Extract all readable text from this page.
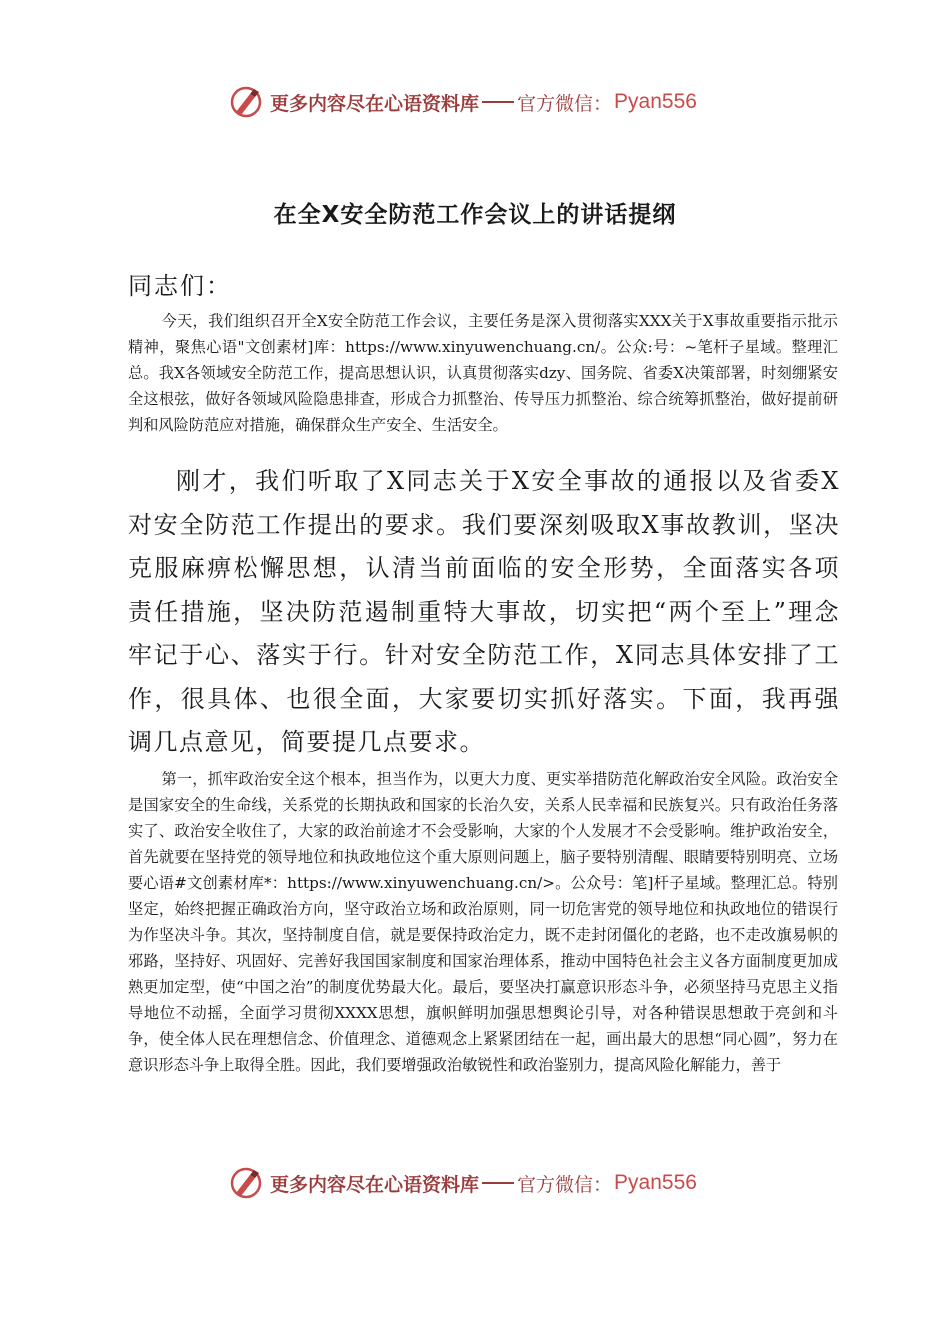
更多内容尽在心语资料库 官方微信： Pyan556
在全X安全防范工作会议上的讲话提纲
同志们：

今天，我们组织召开全X安全防范工作会议，主要任务是深入贯彻落实XXX关于X事故重要指示批示精神，聚焦心语"文创素材]库：https://www.xinyuwenchuang.cn/。公众:号：~笔杆子星域。整理汇总。我X各领域安全防范工作，提高思想认识，认真贯彻落实dzy、国务院、省委X决策部署，时刻绷紧安全这根弦，做好各领域风险隐患排查，形成合力抓整治、传导压力抓整治、综合统筹抓整治，做好提前研判和风险防范应对措施，确保群众生产安全、生活安全。

刚才，我们听取了X同志关于X安全事故的通报以及省委X对安全防范工作提出的要求。我们要深刻吸取X事故教训，坚决克服麻痹松懈思想，认清当前面临的安全形势，全面落实各项责任措施，坚决防范遏制重特大事故，切实把“两个至上”理念牢记于心、落实于行。针对安全防范工作，X同志具体安排了工作，很具体、也很全面，大家要切实抓好落实。下面，我再强调几点意见，简要提几点要求。

第一，抓牢政治安全这个根本，担当作为，以更大力度、更实举措防范化解政治安全风险。政治安全是国家安全的生命线，关系党的长期执政和国家的长治久安，关系人民幸福和民族复兴。只有政治任务落实了、政治安全收住了，大家的政治前途才不会受影响，大家的个人发展才不会受影响。维护政治安全，首先就要在坚持党的领导地位和执政地位这个重大原则问题上，脑子要特别清醒、眼睛要特别明亮、立场要心语#文创素材库*：https://www.xinyuwenchuang.cn/>。公众号：笔]杆子星域。整理汇总。特别坚定，始终把握正确政治方向，坚守政治立场和政治原则，同一切危害党的领导地位和执政地位的错误行为作坚决斗争。其次，坚持制度自信，就是要保持政治定力，既不走封闭僵化的老路，也不走改旗易帜的邪路，坚持好、巩固好、完善好我国国家制度和国家治理体系，推动中国特色社会主义各方面制度更加成熟更加定型，使“中国之治”的制度优势最大化。最后，要坚决打赢意识形态斗争，必须坚持马克思主义指导地位不动摇，全面学习贯彻XXXX思想，旗帜鲜明加强思想舆论引导，对各种错误思想敢于亮剑和斗争，使全体人民在理想信念、价值理念、道德观念上紧紧团结在一起，画出最大的思想“同心圆”，努力在意识形态斗争上取得全胜。因此，我们要增强政治敏锐性和政治鉴别力，提高风险化解能力，善于

更多内容尽在心语资料库 官方微信： Pyan556
